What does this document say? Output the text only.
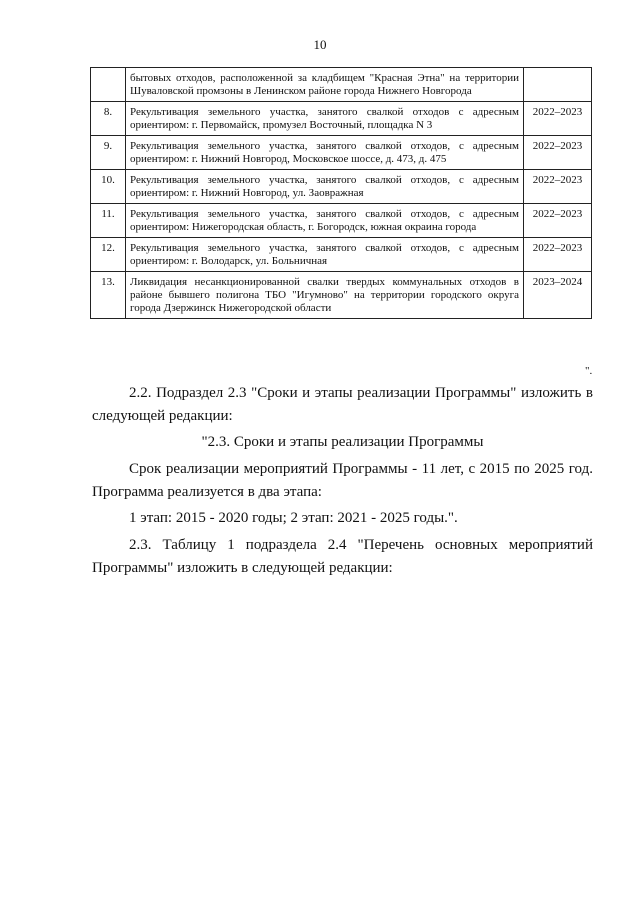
10
	бытовых отходов, расположенной за кладбищем "Красная Этна" на территории Шуваловской промзоны в Ленинском районе города Нижнего Новгорода	
8.	Рекультивация земельного участка, занятого свалкой отходов с адресным ориентиром: г. Первомайск, промузел Восточный, площадка N 3	2022–2023
9.	Рекультивация земельного участка, занятого свалкой отходов, с адресным ориентиром: г. Нижний Новгород, Московское шоссе, д. 473, д. 475	2022–2023
10.	Рекультивация земельного участка, занятого свалкой отходов, с адресным ориентиром: г. Нижний Новгород, ул. Заовражная	2022–2023
11.	Рекультивация земельного участка, занятого свалкой отходов, с адресным ориентиром: Нижегородская область, г. Богородск, южная окраина города	2022–2023
12.	Рекультивация земельного участка, занятого свалкой отходов, с адресным ориентиром: г. Володарск, ул. Больничная	2022–2023
13.	Ликвидация несанкционированной свалки твердых коммунальных отходов в районе бывшего полигона ТБО "Игумново" на территории городского округа города Дзержинск Нижегородской области	2023–2024
".
2.2. Подраздел 2.3 "Сроки и этапы реализации Программы" изложить в следующей редакции:
"2.3. Сроки и этапы реализации Программы
Срок реализации мероприятий Программы - 11 лет, с 2015 по 2025 год. Программа реализуется в два этапа:
1 этап: 2015 - 2020 годы; 2 этап: 2021 - 2025 годы.".
2.3. Таблицу 1 подраздела 2.4 "Перечень основных мероприятий Программы" изложить в следующей редакции:
